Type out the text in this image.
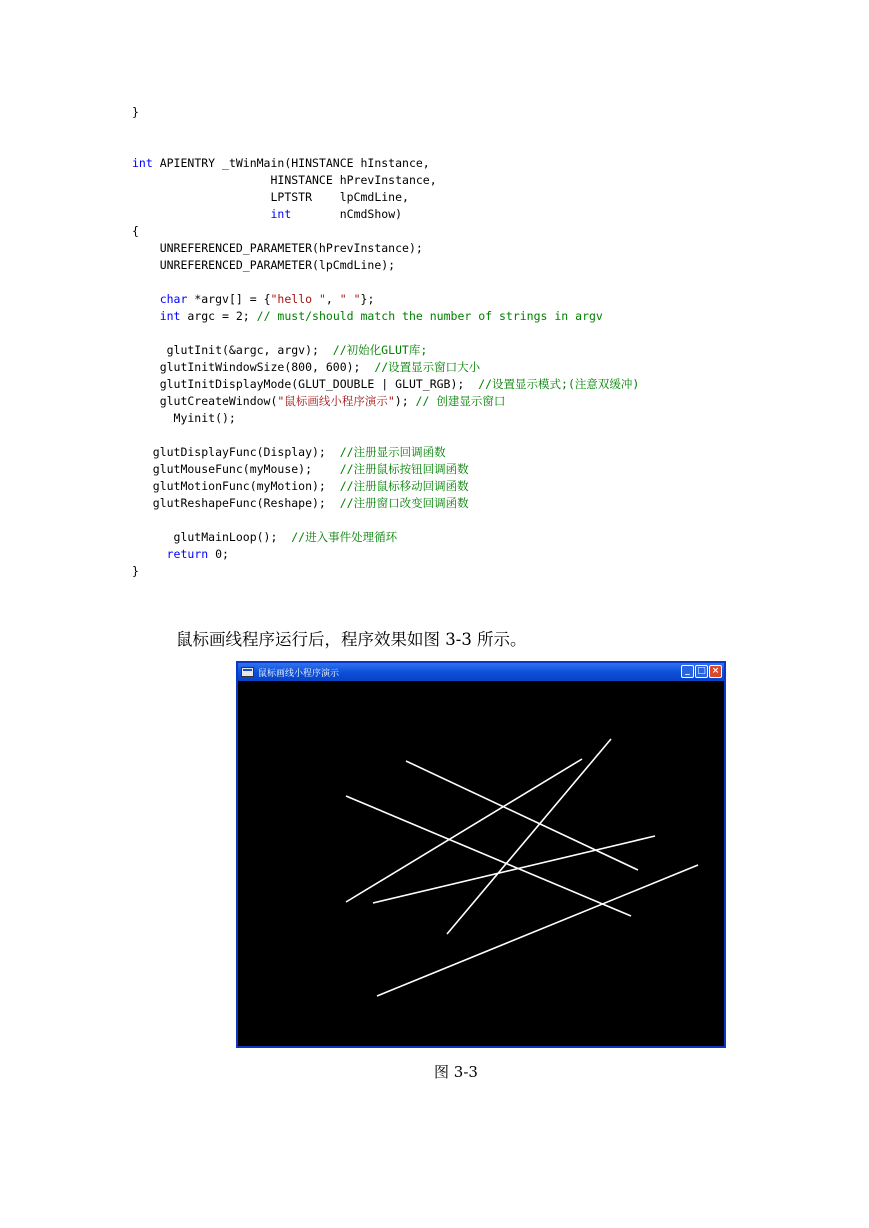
}
int APIENTRY _tWinMain(HINSTANCE hInstance,
HINSTANCE hPrevInstance,
LPTSTR    lpCmdLine,
int       nCmdShow)
{
UNREFERENCED_PARAMETER(hPrevInstance);
UNREFERENCED_PARAMETER(lpCmdLine);
char *argv[] = {"hello ", " "};
int argc = 2; // must/should match the number of strings in argv
glutInit(&argc, argv);  //初始化GLUT库;
glutInitWindowSize(800, 600);  //设置显示窗口大小
glutInitDisplayMode(GLUT_DOUBLE | GLUT_RGB);  //设置显示模式;(注意双缓冲)
glutCreateWindow("鼠标画线小程序演示"); // 创建显示窗口
Myinit();
glutDisplayFunc(Display);  //注册显示回调函数
glutMouseFunc(myMouse);    //注册鼠标按钮回调函数
glutMotionFunc(myMotion);  //注册鼠标移动回调函数
glutReshapeFunc(Reshape);  //注册窗口改变回调函数
glutMainLoop();  //进入事件处理循环
return 0;
}
鼠标画线程序运行后，程序效果如图 3-3 所示。
鼠标画线小程序演示	_ □ ×
图 3-3
